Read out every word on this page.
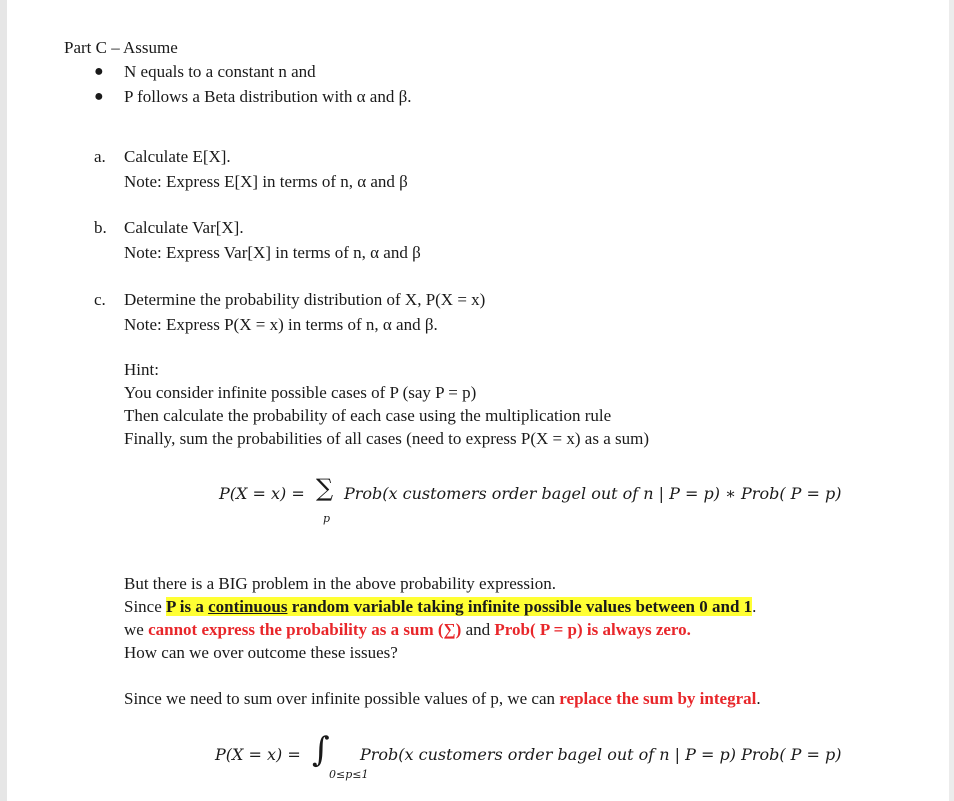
Part C – Assume
● N equals to a constant n and
● P follows a Beta distribution with α and β.
a. Calculate E[X].
Note: Express E[X] in terms of n, α and β
b. Calculate Var[X].
Note: Express Var[X] in terms of n, α and β
c. Determine the probability distribution of X, P(X = x)
Note: Express P(X = x) in terms of n, α and β.
Hint:
You consider infinite possible cases of P (say P = p)
Then calculate the probability of each case using the multiplication rule
Finally, sum the probabilities of all cases (need to express P(X = x) as a sum)
P(X = x) = ∑
p
Prob(x customers order bagel out of n | P = p) ∗ Prob( P = p)
But there is a BIG problem in the above probability expression.
Since P is a continuous random variable taking infinite possible values between 0 and 1.
we cannot express the probability as a sum (∑) and Prob( P = p) is always zero.
How can we over outcome these issues?
Since we need to sum over infinite possible values of p, we can replace the sum by integral.
P(X = x) = ∫
0≤p≤1
Prob(x customers order bagel out of n | P = p) Prob( P = p)
